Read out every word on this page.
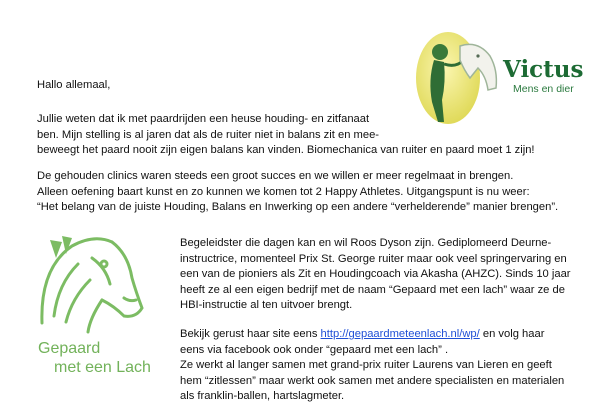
Victus
Mens en dier

Hallo allemaal,

Jullie weten dat ik met paardrijden een heuse houding- en zitfanaat

ben. Mijn stelling is al jaren dat als de ruiter niet in balans zit en mee-

beweegt het paard nooit zijn eigen balans kan vinden. Biomechanica van ruiter en paard moet 1 zijn!

De gehouden clinics waren steeds een groot succes en we willen er meer regelmaat in brengen.

Alleen oefening baart kunst en zo kunnen we komen tot 2 Happy Athletes. Uitgangspunt is nu weer:

“Het belang van de juiste Houding, Balans en Inwerking op een andere “verhelderende” manier brengen”.

Gepaard
met een Lach

Begeleidster die dagen kan en wil Roos Dyson zijn. Gediplomeerd Deurne-

instructrice, momenteel Prix St. George ruiter maar ook veel springervaring en

een van de pioniers als Zit en Houdingcoach via Akasha (AHZC). Sinds 10 jaar

heeft ze al een eigen bedrijf met de naam “Gepaard met een lach” waar ze de

HBI-instructie al ten uitvoer brengt.

Bekijk gerust haar site eens http://gepaardmeteenlach.nl/wp/ en volg haar

eens via facebook ook onder “gepaard met een lach” .

Ze werkt al langer samen met grand-prix ruiter Laurens van Lieren en geeft

hem “zitlessen” maar werkt ook samen met andere specialisten en materialen

als franklin-ballen, hartslagmeter.
